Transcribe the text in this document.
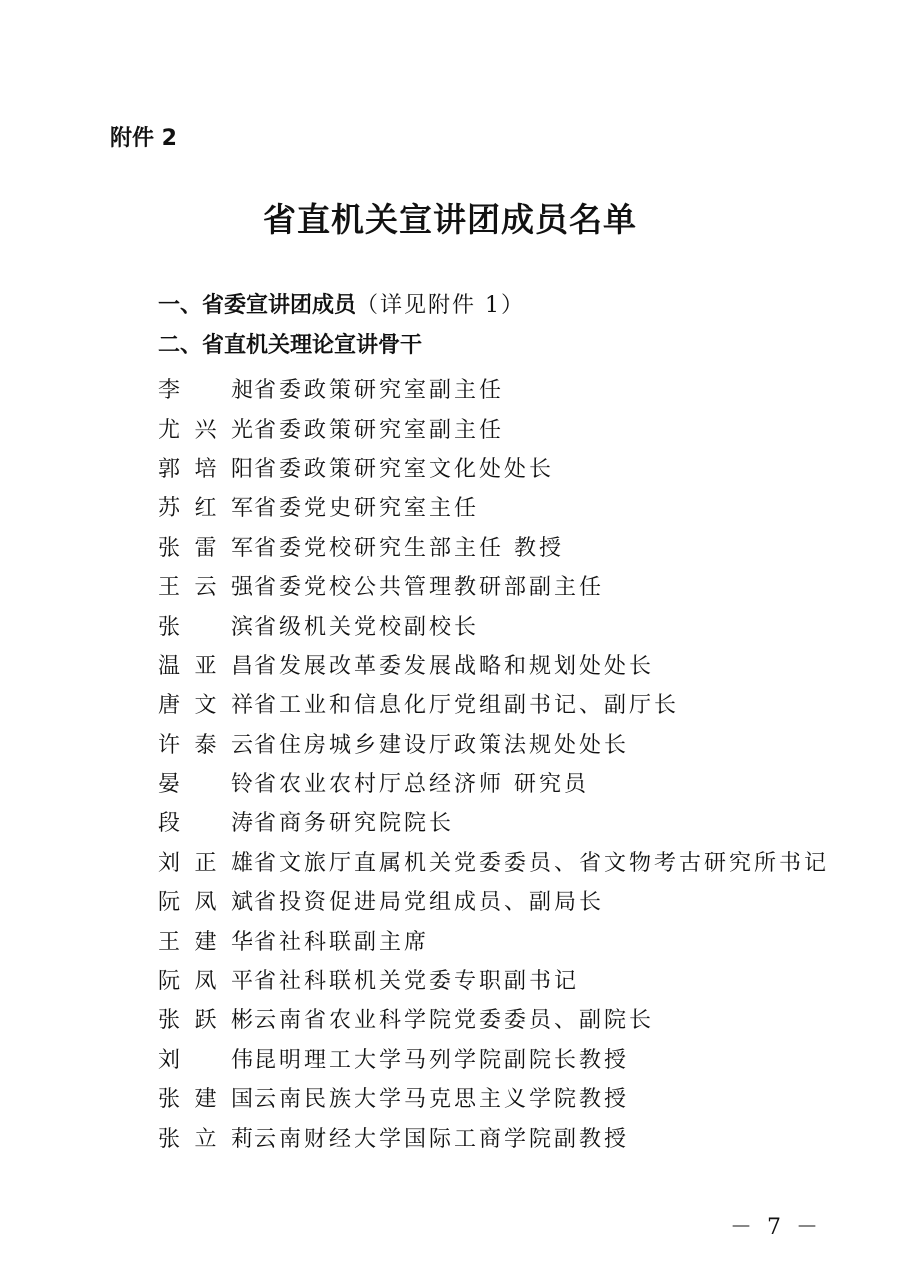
附件 2
省直机关宣讲团成员名单
一、省委宣讲团成员（详见附件 1）
二、省直机关理论宣讲骨干
李 昶 省委政策研究室副主任
尤兴光 省委政策研究室副主任
郭培阳 省委政策研究室文化处处长
苏红军 省委党史研究室主任
张雷军 省委党校研究生部主任 教授
王云强 省委党校公共管理教研部副主任
张 滨 省级机关党校副校长
温亚昌 省发展改革委发展战略和规划处处长
唐文祥 省工业和信息化厅党组副书记、副厅长
许泰云 省住房城乡建设厅政策法规处处长
晏 铃 省农业农村厅总经济师 研究员
段 涛 省商务研究院院长
刘正雄 省文旅厅直属机关党委委员、省文物考古研究所书记
阮凤斌 省投资促进局党组成员、副局长
王建华 省社科联副主席
阮凤平 省社科联机关党委专职副书记
张跃彬 云南省农业科学院党委委员、副院长
刘 伟 昆明理工大学马列学院副院长教授
张建国 云南民族大学马克思主义学院教授
张立莉 云南财经大学国际工商学院副教授
－ 7 －
